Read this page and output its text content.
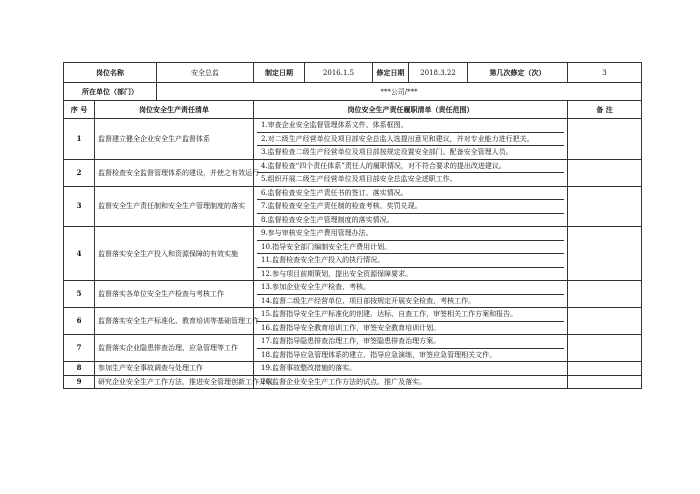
岗位名称		安全总监	制定日期	2016.1.5	修定日期	2018.3.22	第几次修定（次）	3
所在单位（部门）		***公司/***						
序 号	岗位安全生产责任清单		岗位安全生产责任履职清单（责任范围）					备 注
1	监督建立健全企业安全生产监督体系		1.审查企业安全监督管理体系文件、体系框图。
2.对二级生产经营单位及项目部安全总监人选提出意见和建议，并对专业能力进行把关。
3.监督检查二级生产经营单位及项目部按规定设置安全部门、配备安全管理人员。					

2	监督检查安全监督管理体系的建设，并使之有效运行		4.监督检查“四个责任体系”责任人的履职情况，对不符合要求的提出改进建议。
5.组织开展二级生产经营单位及项目部安全总监安全述职工作。					

3	监督安全生产责任制和安全生产管理制度的落实		6.监督检查安全生产责任书的签订、落实情况。
7.监督检查安全生产责任制的检查考核、奖罚兑现。
8.监督检查安全生产管理制度的落实情况。					

4	监督落实安全生产投入和资源保障的有效实施		9.参与审核安全生产费用管理办法。
10.指导安全部门编制安全生产费用计划。
11.监督检查安全生产投入的执行情况。
12.参与项目前期策划，提出安全资源保障要求。					

5	监督落实各单位安全生产检查与考核工作		13.参加企业安全生产检查、考核。
14.监督二级生产经营单位、项目部按规定开展安全检查、考核工作。					

6	监督落实安全生产标准化、教育培训等基础管理工作		15.监督指导安全生产标准化的创建、达标、自查工作，审签相关工作方案和报告。
16.监督指导安全教育培训工作，审签安全教育培训计划。					

7	监督落实企业隐患排查治理、应急管理等工作		17.监督指导隐患排查治理工作，审签隐患排查治理方案。
18.监督指导应急管理体系的建立、指导应急演练，审签应急管理相关文件。					

8	参加生产安全事故调查与处理工作		19.监督事故整改措施的落实。					

9	研究企业安全生产工作方法，推进安全管理创新工作开展		20.监督企业安全生产工作方法的试点、推广及落实。					
